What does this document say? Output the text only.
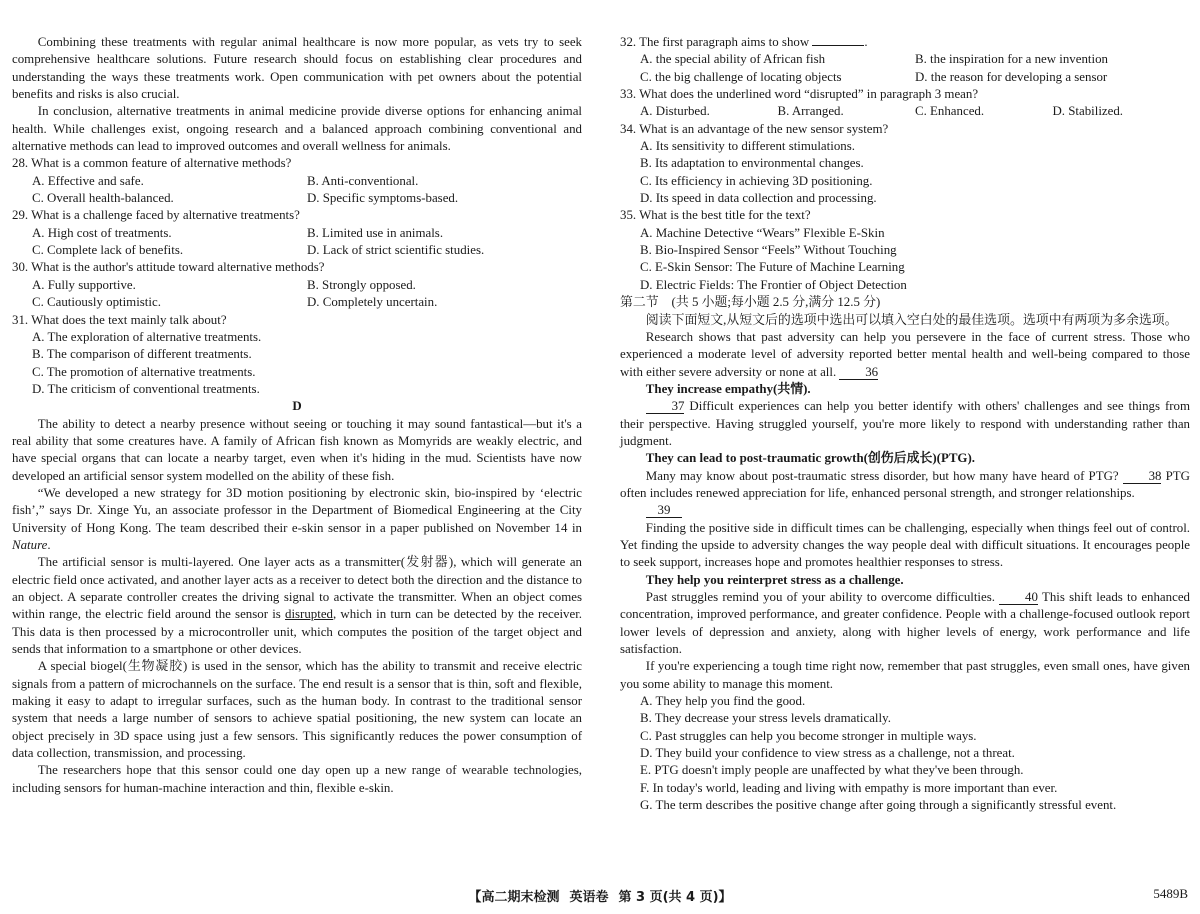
Combining these treatments with regular animal healthcare is now more popular, as vets try to seek comprehensive healthcare solutions. Future research should focus on establishing clear procedures and understanding the ways these treatments work. Open communication with pet owners about the potential benefits and risks is also crucial.

In conclusion, alternative treatments in animal medicine provide diverse options for enhancing animal health. While challenges exist, ongoing research and a balanced approach combining conventional and alternative methods can lead to improved outcomes and overall wellness for animals.

28. What is a common feature of alternative methods?

A. Effective and safe.	B. Anti-conventional.
C. Overall health-balanced.	D. Specific symptoms-based.

29. What is a challenge faced by alternative treatments?

A. High cost of treatments.	B. Limited use in animals.
C. Complete lack of benefits.	D. Lack of strict scientific studies.

30. What is the author's attitude toward alternative methods?

A. Fully supportive.	B. Strongly opposed.
C. Cautiously optimistic.	D. Completely uncertain.

31. What does the text mainly talk about?

A. The exploration of alternative treatments.

B. The comparison of different treatments.

C. The promotion of alternative treatments.

D. The criticism of conventional treatments.

D

The ability to detect a nearby presence without seeing or touching it may sound fantastical—but it's a real ability that some creatures have. A family of African fish known as Momyrids are weakly electric, and have special organs that can locate a nearby target, even when it's hiding in the mud. Scientists have now developed an artificial sensor system modelled on the ability of these fish.

“We developed a new strategy for 3D motion positioning by electronic skin, bio-inspired by ‘electric fish’,” says Dr. Xinge Yu, an associate professor in the Department of Biomedical Engineering at the City University of Hong Kong. The team described their e-skin sensor in a paper published on November 14 in Nature.

The artificial sensor is multi-layered. One layer acts as a transmitter(发射器), which will generate an electric field once activated, and another layer acts as a receiver to detect both the direction and the distance to an object. A separate controller creates the driving signal to activate the transmitter. When an object comes within range, the electric field around the sensor is disrupted, which in turn can be detected by the receiver. This data is then processed by a microcontroller unit, which computes the position of the target object and sends that information to a smartphone or other devices.

A special biogel(生物凝胶) is used in the sensor, which has the ability to transmit and receive electric signals from a pattern of microchannels on the surface. The end result is a sensor that is thin, soft and flexible, making it easy to adapt to irregular surfaces, such as the human body. In contrast to the traditional sensor system that needs a large number of sensors to achieve spatial positioning, the new system can locate an object precisely in 3D space using just a few sensors. This significantly reduces the power consumption of data collection, transmission, and processing.

The researchers hope that this sensor could one day open up a new range of wearable technologies, including sensors for human-machine interaction and thin, flexible e-skin.

32. The first paragraph aims to show	.

A. the special ability of African fish	B. the inspiration for a new invention
C. the big challenge of locating objects	D. the reason for developing a sensor

33. What does the underlined word “disrupted” in paragraph 3 mean?

A. Disturbed.	B. Arranged.	C. Enhanced.	D. Stabilized.

34. What is an advantage of the new sensor system?

A. Its sensitivity to different stimulations.

B. Its adaptation to environmental changes.

C. Its efficiency in achieving 3D positioning.

D. Its speed in data collection and processing.

35. What is the best title for the text?

A. Machine Detective “Wears” Flexible E-Skin

B. Bio-Inspired Sensor “Feels” Without Touching

C. E-Skin Sensor: The Future of Machine Learning

D. Electric Fields: The Frontier of Object Detection

第二节　(共 5 小题;每小题 2.5 分,满分 12.5 分)

阅读下面短文,从短文后的选项中选出可以填入空白处的最佳选项。选项中有两项为多余选项。

Research shows that past adversity can help you persevere in the face of current stress. Those who experienced a moderate level of adversity reported better mental health and well-being compared to those with either severe adversity or none at all. 36

They increase empathy(共情).

37 Difficult experiences can help you better identify with others' challenges and see things from their perspective. Having struggled yourself, you're more likely to respond with understanding rather than judgment.

They can lead to post-traumatic growth(创伤后成长)(PTG).

Many may know about post-traumatic stress disorder, but how many have heard of PTG? 38 PTG often includes renewed appreciation for life, enhanced personal strength, and stronger relationships.

39

Finding the positive side in difficult times can be challenging, especially when things feel out of control. Yet finding the upside to adversity changes the way people deal with difficult situations. It encourages people to seek support, increases hope and promotes healthier responses to stress.

They help you reinterpret stress as a challenge.

Past struggles remind you of your ability to overcome difficulties. 40 This shift leads to enhanced concentration, improved performance, and greater confidence. People with a challenge-focused outlook report lower levels of depression and anxiety, along with higher levels of energy, work performance and life satisfaction.

If you're experiencing a tough time right now, remember that past struggles, even small ones, have given you some ability to manage this moment.

A. They help you find the good.

B. They decrease your stress levels dramatically.

C. Past struggles can help you become stronger in multiple ways.

D. They build your confidence to view stress as a challenge, not a threat.

E. PTG doesn't imply people are unaffected by what they've been through.

F. In today's world, leading and living with empathy is more important than ever.

G. The term describes the positive change after going through a significantly stressful event.

【高二期末检测 英语卷 第 3 页(共 4 页)】	5489B
